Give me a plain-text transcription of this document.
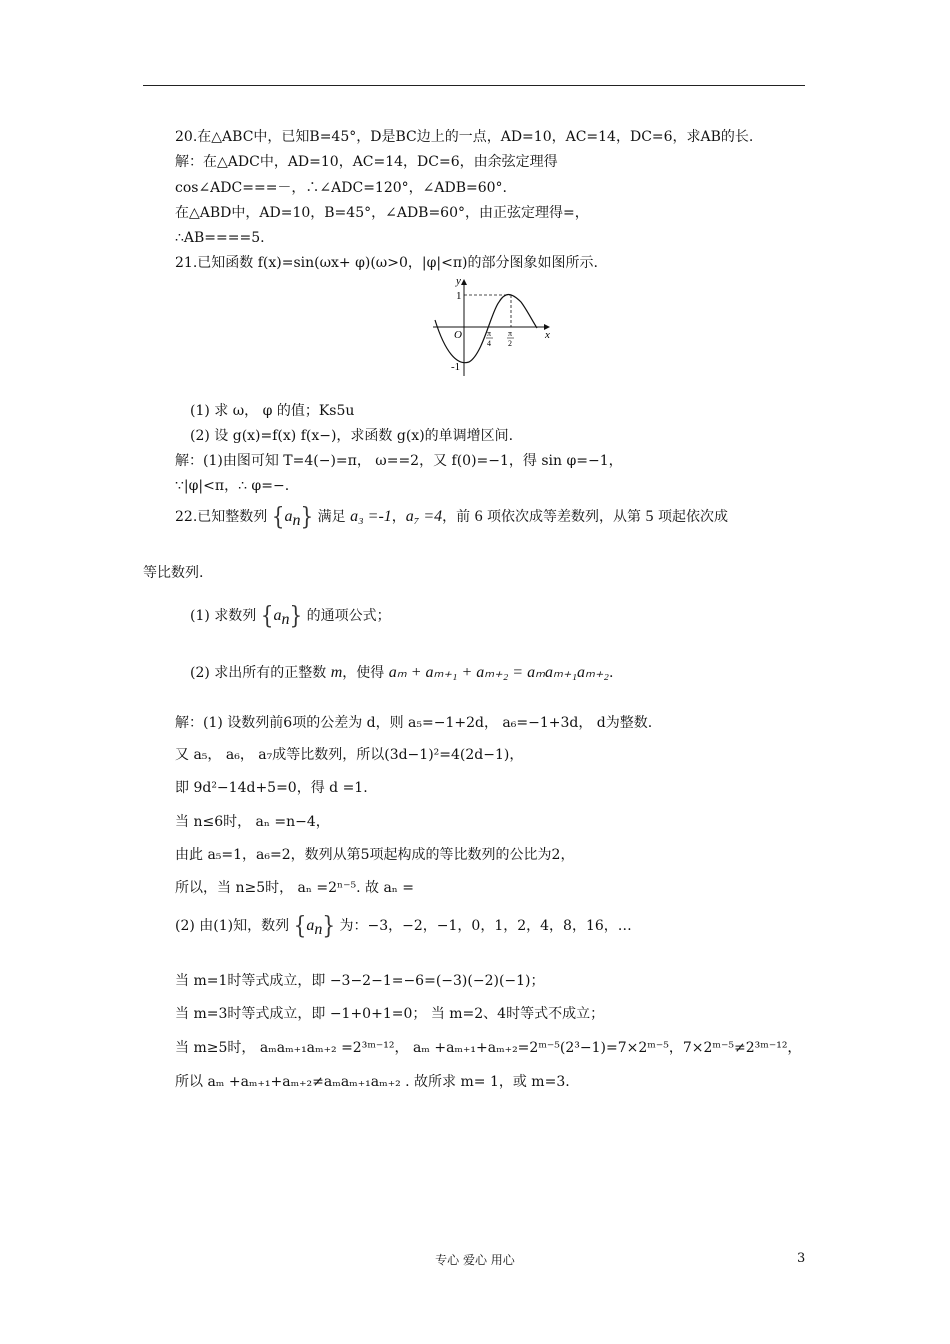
20.在△ABC中，已知B=45°，D是BC边上的一点，AD=10，AC=14，DC=6，求AB的长.
解：在△ADC中，AD=10，AC=14，DC=6，由余弦定理得
cos∠ADC===－，∴∠ADC=120°，∠ADB=60°.
在△ABD中，AD=10，B=45°，∠ADB=60°，由正弦定理得=，
∴AB====5.
21.已知函数 f(x)=sin(ωx+ φ)(ω>0，|φ|<π)的部分图象如图所示.
y
x
O
1
-1
π
4
π
2
(1) 求 ω， φ 的值；Ks5u
(2) 设 g(x)=f(x) f(x−)，求函数 g(x)的单调增区间.
解：(1)由图可知 T=4(−)=π， ω==2，又 f(0)=−1，得 sin φ=−1，
∵|φ|<π，∴ φ=−.
22.已知整数列 $\{a_n\}$ 满足 a₃ =-1，a₇ =4，前 6 项依次成等差数列，从第 5 项起依次成
等比数列.
(1) 求数列 $\{a_n\}$ 的通项公式；
(2) 求出所有的正整数 m，使得 aₘ + aₘ₊₁ + aₘ₊₂ = aₘaₘ₊₁aₘ₊₂.
解：(1) 设数列前6项的公差为 d，则 a₅=−1+2d， a₆=−1+3d， d为整数.
又 a₅， a₆， a₇成等比数列，所以(3d−1)²=4(2d−1)，
即 9d²−14d+5=0，得 d =1.
当 n≤6时， aₙ =n−4，
由此 a₅=1，a₆=2，数列从第5项起构成的等比数列的公比为2，
所以，当 n≥5时， aₙ =2ⁿ⁻⁵. 故 aₙ =
(2) 由(1)知，数列 $\{a_n\}$ 为：−3，−2，−1，0，1，2，4，8，16，…
当 m=1时等式成立，即 −3−2−1=−6=(−3)(−2)(−1)；
当 m=3时等式成立，即 −1+0+1=0； 当 m=2、4时等式不成立；
当 m≥5时， aₘaₘ₊₁aₘ₊₂ =2³ᵐ⁻¹²， aₘ +aₘ₊₁+aₘ₊₂=2ᵐ⁻⁵(2³−1)=7×2ᵐ⁻⁵，7×2ᵐ⁻⁵≠2³ᵐ⁻¹²，
所以 aₘ +aₘ₊₁+aₘ₊₂≠aₘaₘ₊₁aₘ₊₂ . 故所求 m= 1，或 m=3.
专心 爱心 用心	3
